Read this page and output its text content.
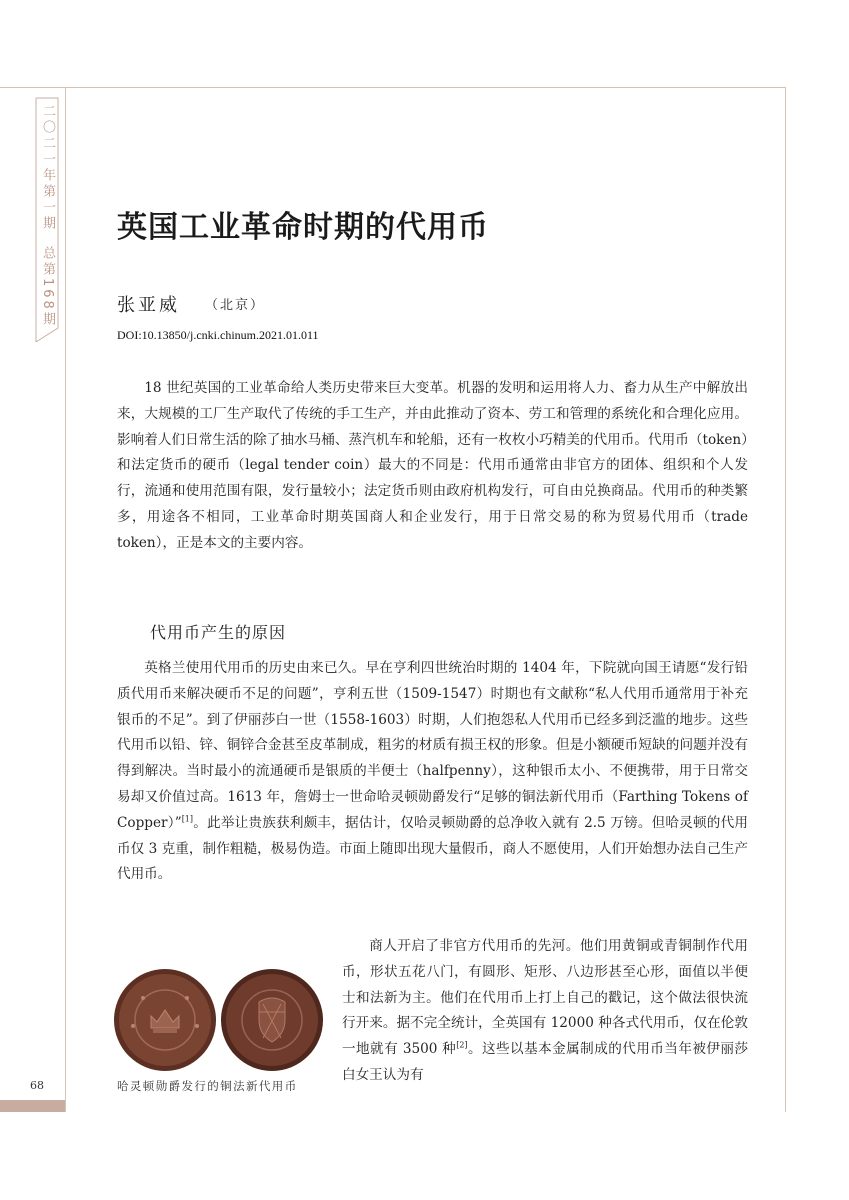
二〇二一年第一期总第168期
68
英国工业革命时期的代用币
张亚威 （北京）
DOI:10.13850/j.cnki.chinum.2021.01.011

18 世纪英国的工业革命给人类历史带来巨大变革。机器的发明和运用将人力、畜力从生产中解放出来，大规模的工厂生产取代了传统的手工生产，并由此推动了资本、劳工和管理的系统化和合理化应用。影响着人们日常生活的除了抽水马桶、蒸汽机车和轮船，还有一枚枚小巧精美的代用币。代用币（token）和法定货币的硬币（legal tender coin）最大的不同是：代用币通常由非官方的团体、组织和个人发行，流通和使用范围有限，发行量较小；法定货币则由政府机构发行，可自由兑换商品。代用币的种类繁多，用途各不相同，工业革命时期英国商人和企业发行，用于日常交易的称为贸易代用币（trade token），正是本文的主要内容。

代用币产生的原因

英格兰使用代用币的历史由来已久。早在亨利四世统治时期的 1404 年，下院就向国王请愿“发行铅质代用币来解决硬币不足的问题”，亨利五世（1509-1547）时期也有文献称“私人代用币通常用于补充银币的不足”。到了伊丽莎白一世（1558-1603）时期，人们抱怨私人代用币已经多到泛滥的地步。这些代用币以铅、锌、铜锌合金甚至皮革制成，粗劣的材质有损王权的形象。但是小额硬币短缺的问题并没有得到解决。当时最小的流通硬币是银质的半便士（halfpenny），这种银币太小、不便携带，用于日常交易却又价值过高。1613 年，詹姆士一世命哈灵顿勋爵发行“足够的铜法新代用币（Farthing Tokens of Copper）”[1]。此举让贵族获利颇丰，据估计，仅哈灵顿勋爵的总净收入就有 2.5 万镑。但哈灵顿的代用币仅 3 克重，制作粗糙，极易伪造。市面上随即出现大量假币，商人不愿使用，人们开始想办法自己生产代用币。

商人开启了非官方代用币的先河。他们用黄铜或青铜制作代用币，形状五花八门，有圆形、矩形、八边形甚至心形，面值以半便士和法新为主。他们在代用币上打上自己的戳记，这个做法很快流行开来。据不完全统计，全英国有 12000 种各式代用币，仅在伦敦一地就有 3500 种[2]。这些以基本金属制成的代用币当年被伊丽莎白女王认为有

哈灵顿勋爵发行的铜法新代用币
